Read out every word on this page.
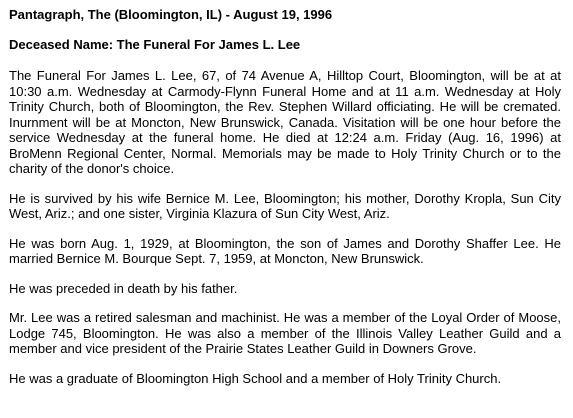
Pantagraph, The (Bloomington, IL) - August 19, 1996

Deceased Name: The Funeral For James L. Lee

The Funeral For James L. Lee, 67, of 74 Avenue A, Hilltop Court, Bloomington, will be at at 10:30 a.m. Wednesday at Carmody-Flynn Funeral Home and at 11 a.m. Wednesday at Holy Trinity Church, both of Bloomington, the Rev. Stephen Willard officiating. He will be cremated. Inurnment will be at Moncton, New Brunswick, Canada. Visitation will be one hour before the service Wednesday at the funeral home. He died at 12:24 a.m. Friday (Aug. 16, 1996) at BroMenn Regional Center, Normal. Memorials may be made to Holy Trinity Church or to the charity of the donor's choice.

He is survived by his wife Bernice M. Lee, Bloomington; his mother, Dorothy Kropla, Sun City West, Ariz.; and one sister, Virginia Klazura of Sun City West, Ariz.

He was born Aug. 1, 1929, at Bloomington, the son of James and Dorothy Shaffer Lee. He married Bernice M. Bourque Sept. 7, 1959, at Moncton, New Brunswick.

He was preceded in death by his father.

Mr. Lee was a retired salesman and machinist. He was a member of the Loyal Order of Moose, Lodge 745, Bloomington. He was also a member of the Illinois Valley Leather Guild and a member and vice president of the Prairie States Leather Guild in Downers Grove.

He was a graduate of Bloomington High School and a member of Holy Trinity Church.
